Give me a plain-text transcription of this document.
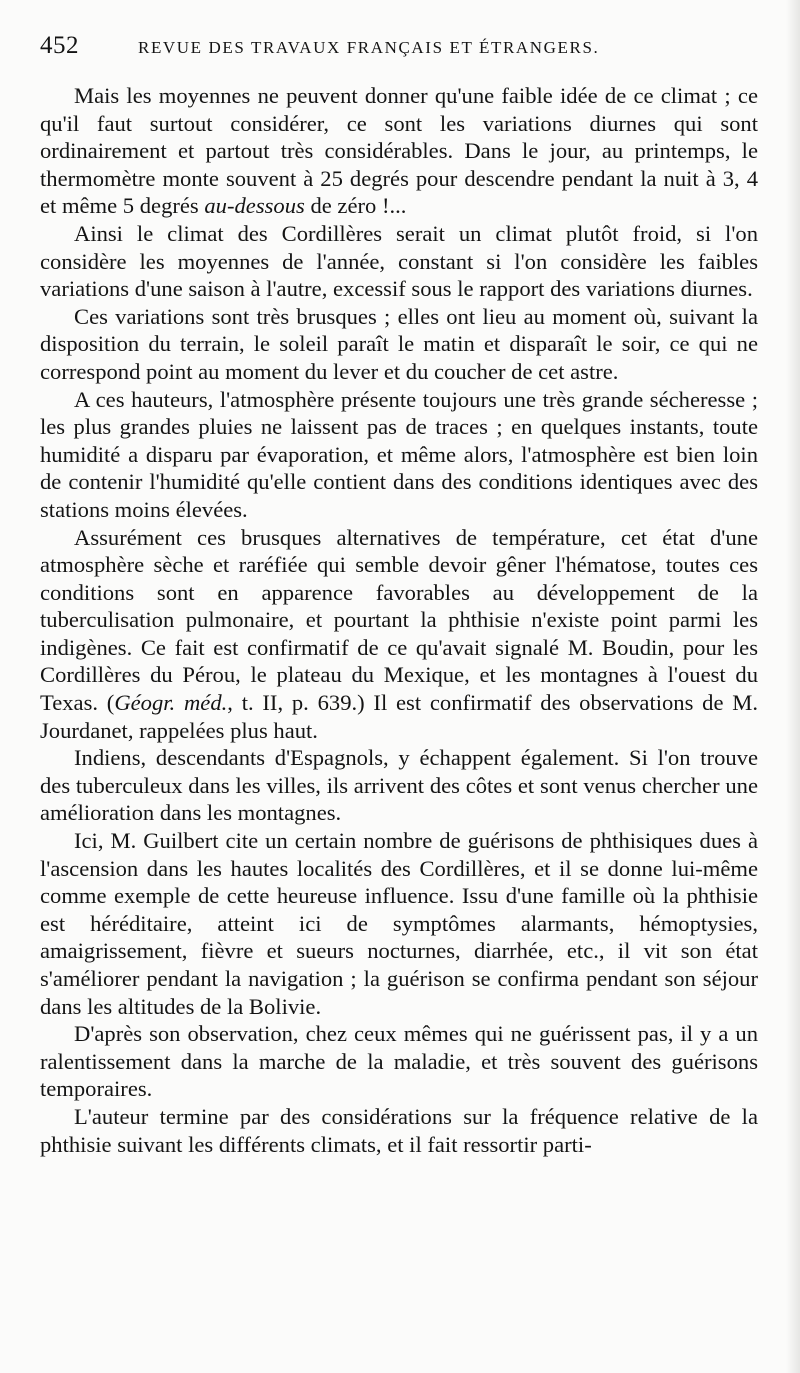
452	REVUE DES TRAVAUX FRANÇAIS ET ÉTRANGERS.

Mais les moyennes ne peuvent donner qu'une faible idée de ce climat ; ce qu'il faut surtout considérer, ce sont les variations diurnes qui sont ordinairement et partout très considérables. Dans le jour, au printemps, le thermomètre monte souvent à 25 degrés pour descendre pendant la nuit à 3, 4 et même 5 degrés au-dessous de zéro !...

Ainsi le climat des Cordillères serait un climat plutôt froid, si l'on considère les moyennes de l'année, constant si l'on considère les faibles variations d'une saison à l'autre, excessif sous le rapport des variations diurnes.

Ces variations sont très brusques ; elles ont lieu au moment où, suivant la disposition du terrain, le soleil paraît le matin et disparaît le soir, ce qui ne correspond point au moment du lever et du coucher de cet astre.

A ces hauteurs, l'atmosphère présente toujours une très grande sécheresse ; les plus grandes pluies ne laissent pas de traces ; en quelques instants, toute humidité a disparu par évaporation, et même alors, l'atmosphère est bien loin de contenir l'humidité qu'elle contient dans des conditions identiques avec des stations moins élevées.

Assurément ces brusques alternatives de température, cet état d'une atmosphère sèche et raréfiée qui semble devoir gêner l'hématose, toutes ces conditions sont en apparence favorables au développement de la tuberculisation pulmonaire, et pourtant la phthisie n'existe point parmi les indigènes. Ce fait est confirmatif de ce qu'avait signalé M. Boudin, pour les Cordillères du Pérou, le plateau du Mexique, et les montagnes à l'ouest du Texas. (Géogr. méd., t. II, p. 639.) Il est confirmatif des observations de M. Jourdanet, rappelées plus haut.

Indiens, descendants d'Espagnols, y échappent également. Si l'on trouve des tuberculeux dans les villes, ils arrivent des côtes et sont venus chercher une amélioration dans les montagnes.

Ici, M. Guilbert cite un certain nombre de guérisons de phthisiques dues à l'ascension dans les hautes localités des Cordillères, et il se donne lui-même comme exemple de cette heureuse influence. Issu d'une famille où la phthisie est héréditaire, atteint ici de symptômes alarmants, hémoptysies, amaigrissement, fièvre et sueurs nocturnes, diarrhée, etc., il vit son état s'améliorer pendant la navigation ; la guérison se confirma pendant son séjour dans les altitudes de la Bolivie.

D'après son observation, chez ceux mêmes qui ne guérissent pas, il y a un ralentissement dans la marche de la maladie, et très souvent des guérisons temporaires.

L'auteur termine par des considérations sur la fréquence relative de la phthisie suivant les différents climats, et il fait ressortir parti-
